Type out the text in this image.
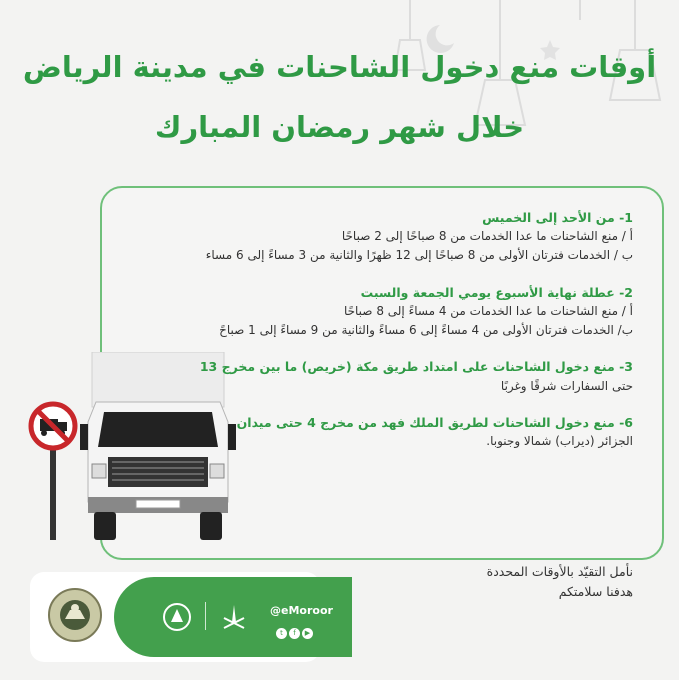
أوقات منع دخول الشاحنات في مدينة الرياض
خلال شهر رمضان المبارك
1- من الأحد إلى الخميس
أ / منع الشاحنات ما عدا الخدمات من 8 صباحًا إلى 2 صباحًا
ب / الخدمات فترتان الأولى من 8 صباحًا إلى 12 ظهرًا والثانية من 3 مساءً إلى 6 مساء
2- عطلة نهاية الأسبوع يومي الجمعة والسبت
أ / منع الشاحنات ما عدا الخدمات من 4 مساءً إلى 8 صباحًا
ب/ الخدمات فترتان الأولى من 4 مساءً إلى 6 مساءً والثانية من 9 مساءً إلى 1 صباحً
3- منع دخول الشاحنات على امتداد طريق مكة (خريص) ما بين مخرج 13
حتى السفارات شرقًا وغربًا
6- منع دخول الشاحنات لطريق الملك فهد من مخرج 4 حتى ميدان
الجزائر (ديراب) شمالا وجنوبا.
نأمل التقيّد بالأوقات المحددة
هدفنا سلامتكم
@eMoroor
t f ▶
